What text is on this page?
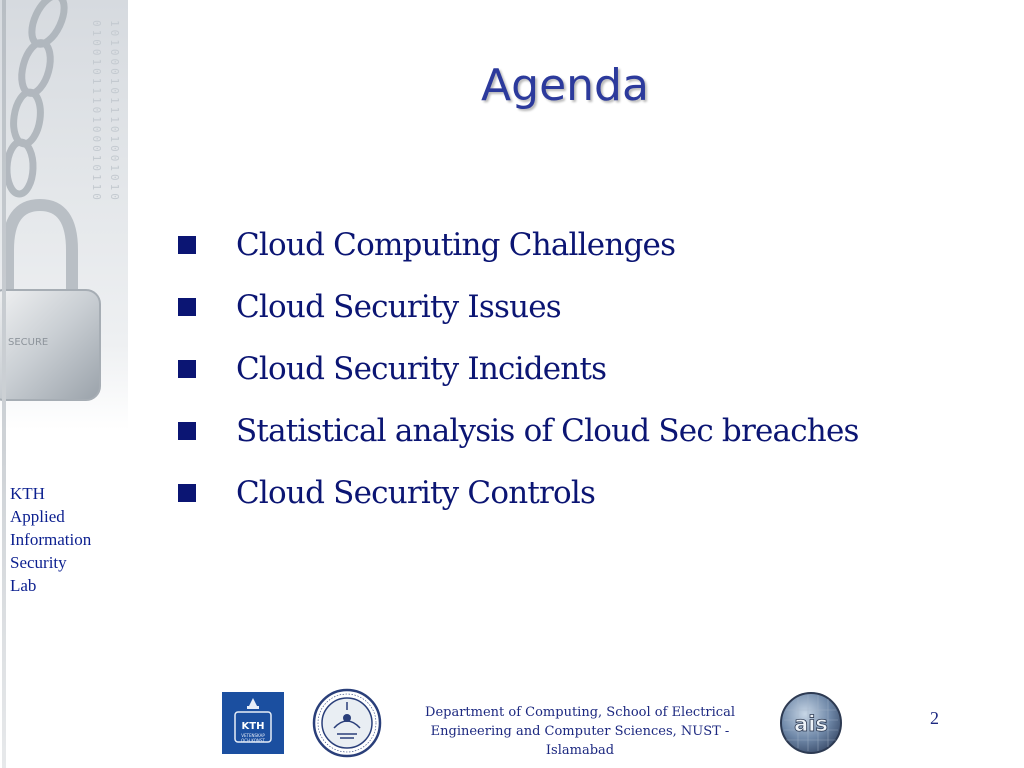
0100101110100010110 1010001011101001010
SECURE
KTH
Applied
Information
Security
Lab
Agenda
Cloud Computing Challenges
Cloud Security Issues
Cloud Security Incidents
Statistical analysis of Cloud Sec breaches
Cloud Security Controls
KTH
VETENSKAP
OCH KONST
Department of Computing, School of Electrical
Engineering and Computer Sciences, NUST -
Islamabad
ais	2
